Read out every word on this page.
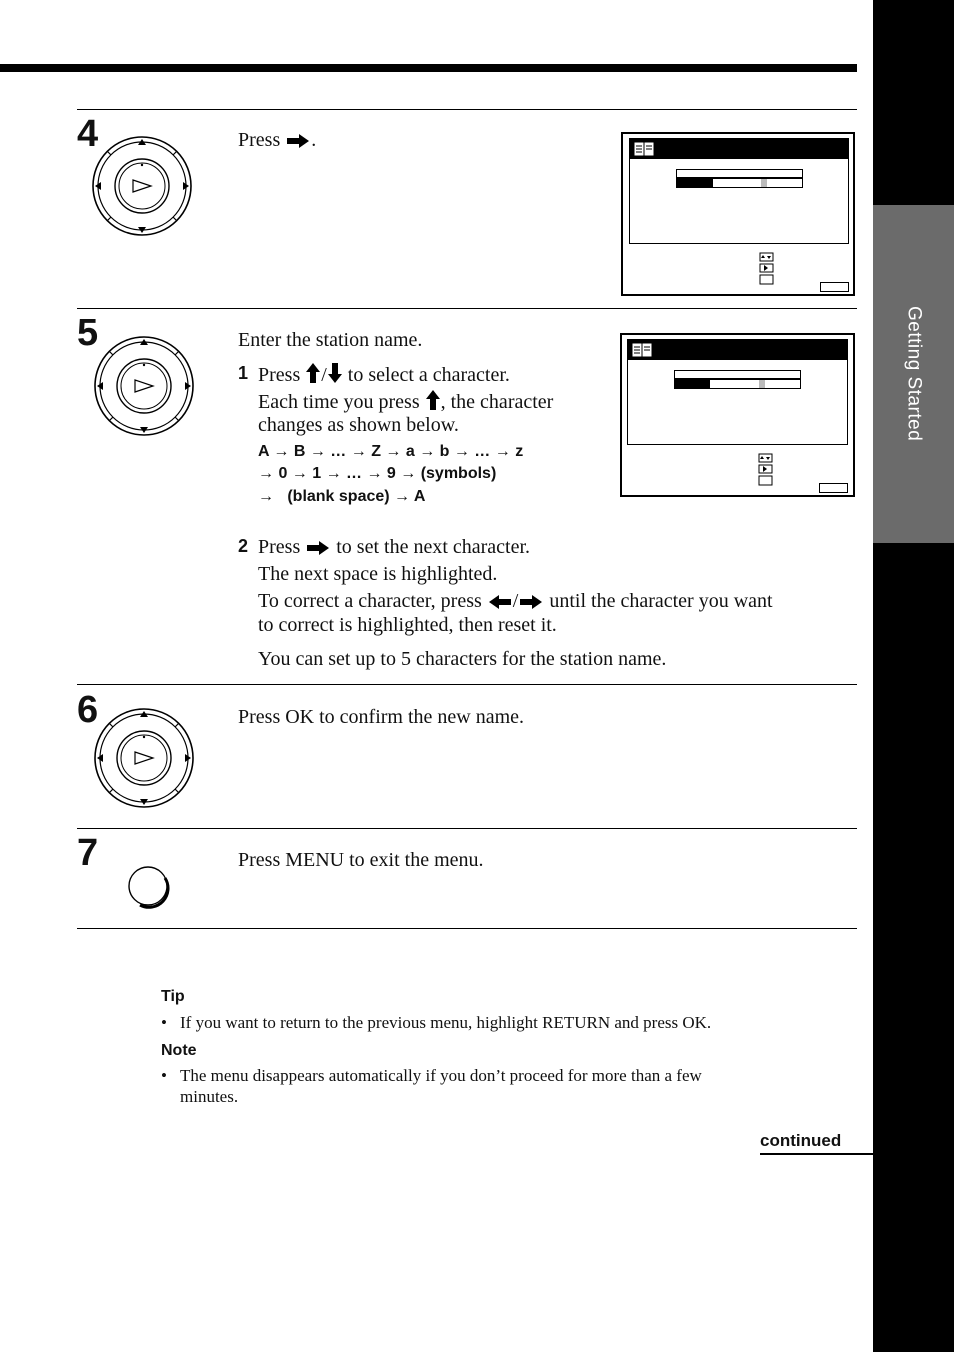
Getting Started
4	Press .
5	Enter the station name.
1 Press / to select a character.
Each time you press , the character
changes as shown below.
A → B → … → Z → a → b → … → z
→ 0 → 1 → … → 9 → (symbols)
→   (blank space) → A
2 Press to set the next character.
The next space is highlighted.
To correct a character, press / until the character you want
to correct is highlighted, then reset it.
You can set up to 5 characters for the station name.
6	Press OK to confirm the new name.
7	Press MENU to exit the menu.
Tip
• If you want to return to the previous menu, highlight RETURN and press OK.
Note
• The menu disappears automatically if you don’t proceed for more than a few
minutes.
continued
